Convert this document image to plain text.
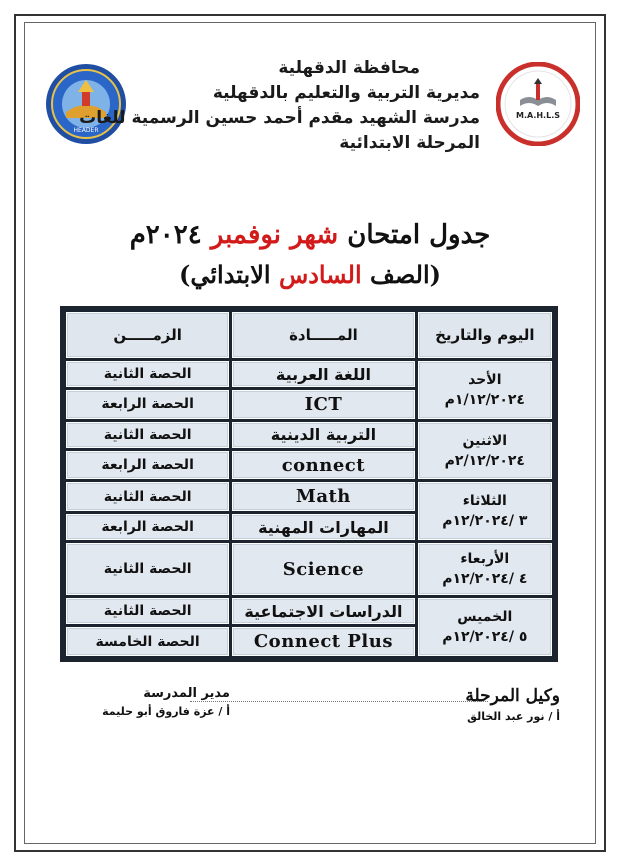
HEADER
M.A.H.L.S
محافظة الدقهلية
مديرية التربية والتعليم بالدقهلية
مدرسة الشهيد مقدم أحمد حسين الرسمية للغات
المرحلة الابتدائية
جدول امتحان شهر نوفمبر ٢٠٢٤م
(الصف السادس الابتدائي)
اليوم والتاريخ	المـــــادة	الزمـــــن

الأحد
١/١٢/٢٠٢٤م	اللغة العربية	الحصة الثانية
	ICT	الحصة الرابعة

الاثنين
٢/١٢/٢٠٢٤م	التربية الدينية	الحصة الثانية
	connect	الحصة الرابعة

الثلاثاء
٣ /١٢/٢٠٢٤م	Math	الحصة الثانية
	المهارات المهنية	الحصة الرابعة

الأربعاء
٤ /١٢/٢٠٢٤م	Science	الحصة الثانية

الخميس
٥ /١٢/٢٠٢٤م	الدراسات الاجتماعية	الحصة الثانية
	Connect Plus	الحصة الخامسة
وكيل المرحلة
أ / نور عبد الخالق
مدير المدرسة
أ / عزة فاروق أبو حليمة
